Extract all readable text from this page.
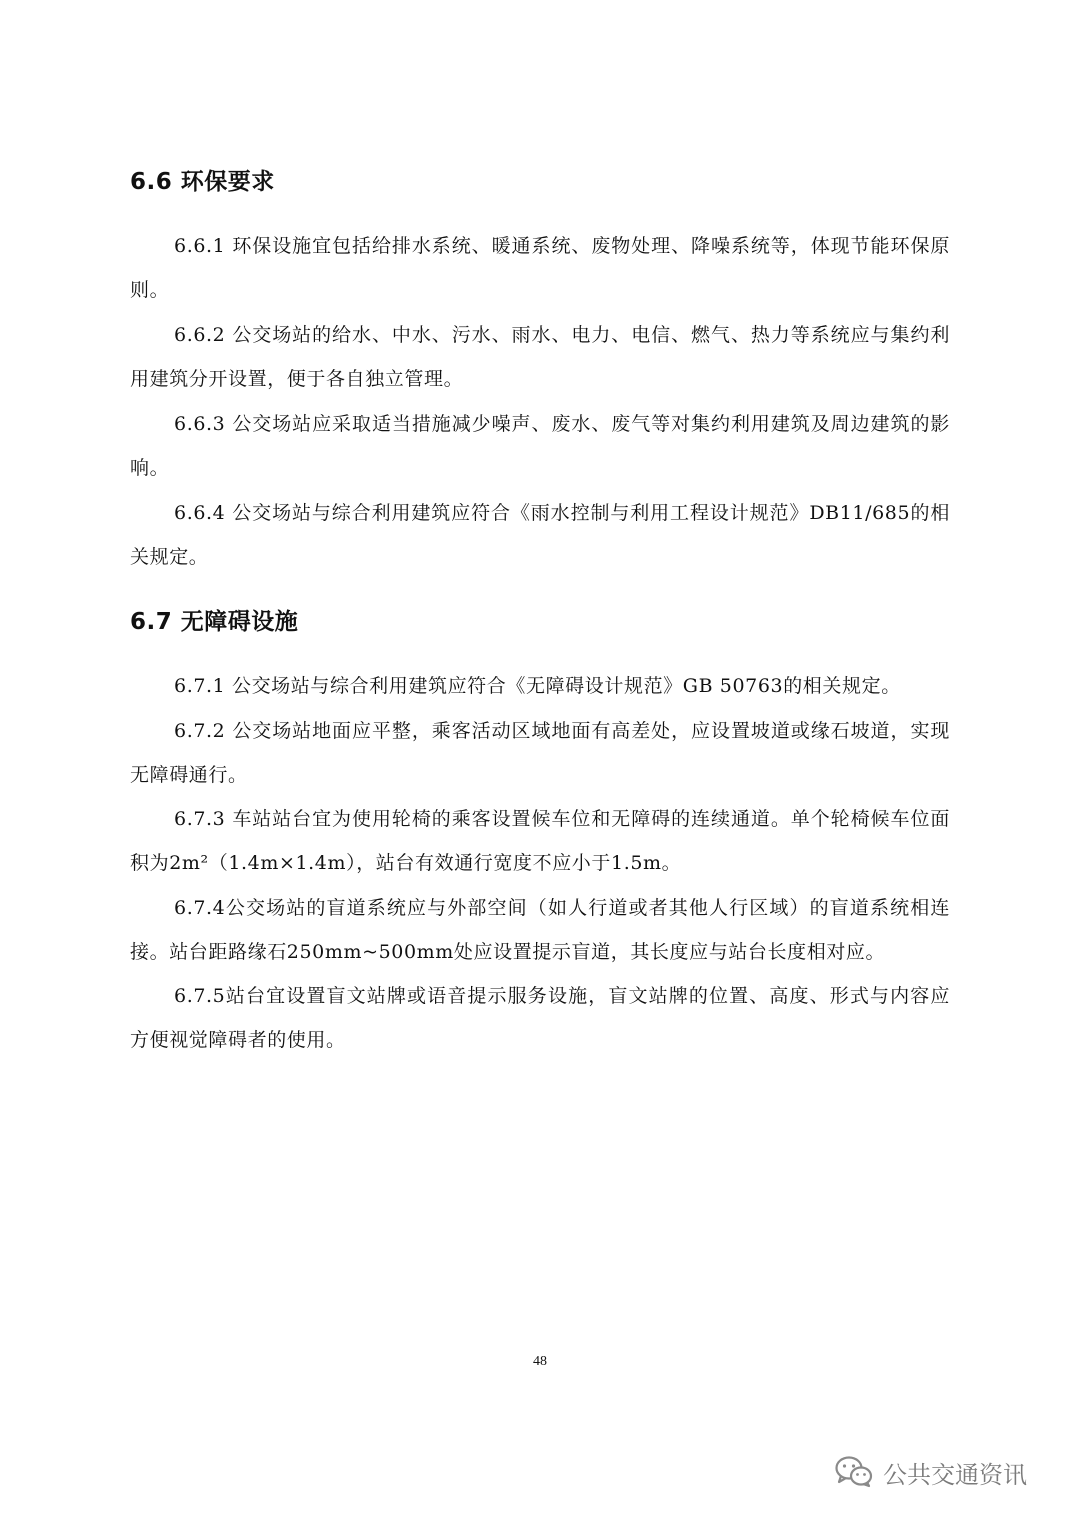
6.6 环保要求

6.6.1 环保设施宜包括给排水系统、暖通系统、废物处理、降噪系统等，体现节能环保原则。

6.6.2 公交场站的给水、中水、污水、雨水、电力、电信、燃气、热力等系统应与集约利用建筑分开设置，便于各自独立管理。

6.6.3 公交场站应采取适当措施减少噪声、废水、废气等对集约利用建筑及周边建筑的影响。

6.6.4 公交场站与综合利用建筑应符合《雨水控制与利用工程设计规范》DB11/685的相关规定。

6.7 无障碍设施

6.7.1 公交场站与综合利用建筑应符合《无障碍设计规范》GB 50763的相关规定。

6.7.2 公交场站地面应平整，乘客活动区域地面有高差处，应设置坡道或缘石坡道，实现无障碍通行。

6.7.3 车站站台宜为使用轮椅的乘客设置候车位和无障碍的连续通道。单个轮椅候车位面积为2m²（1.4m×1.4m），站台有效通行宽度不应小于1.5m。

6.7.4公交场站的盲道系统应与外部空间（如人行道或者其他人行区域）的盲道系统相连接。站台距路缘石250mm~500mm处应设置提示盲道，其长度应与站台长度相对应。

6.7.5站台宜设置盲文站牌或语音提示服务设施，盲文站牌的位置、高度、形式与内容应方便视觉障碍者的使用。

48
公共交通资讯
